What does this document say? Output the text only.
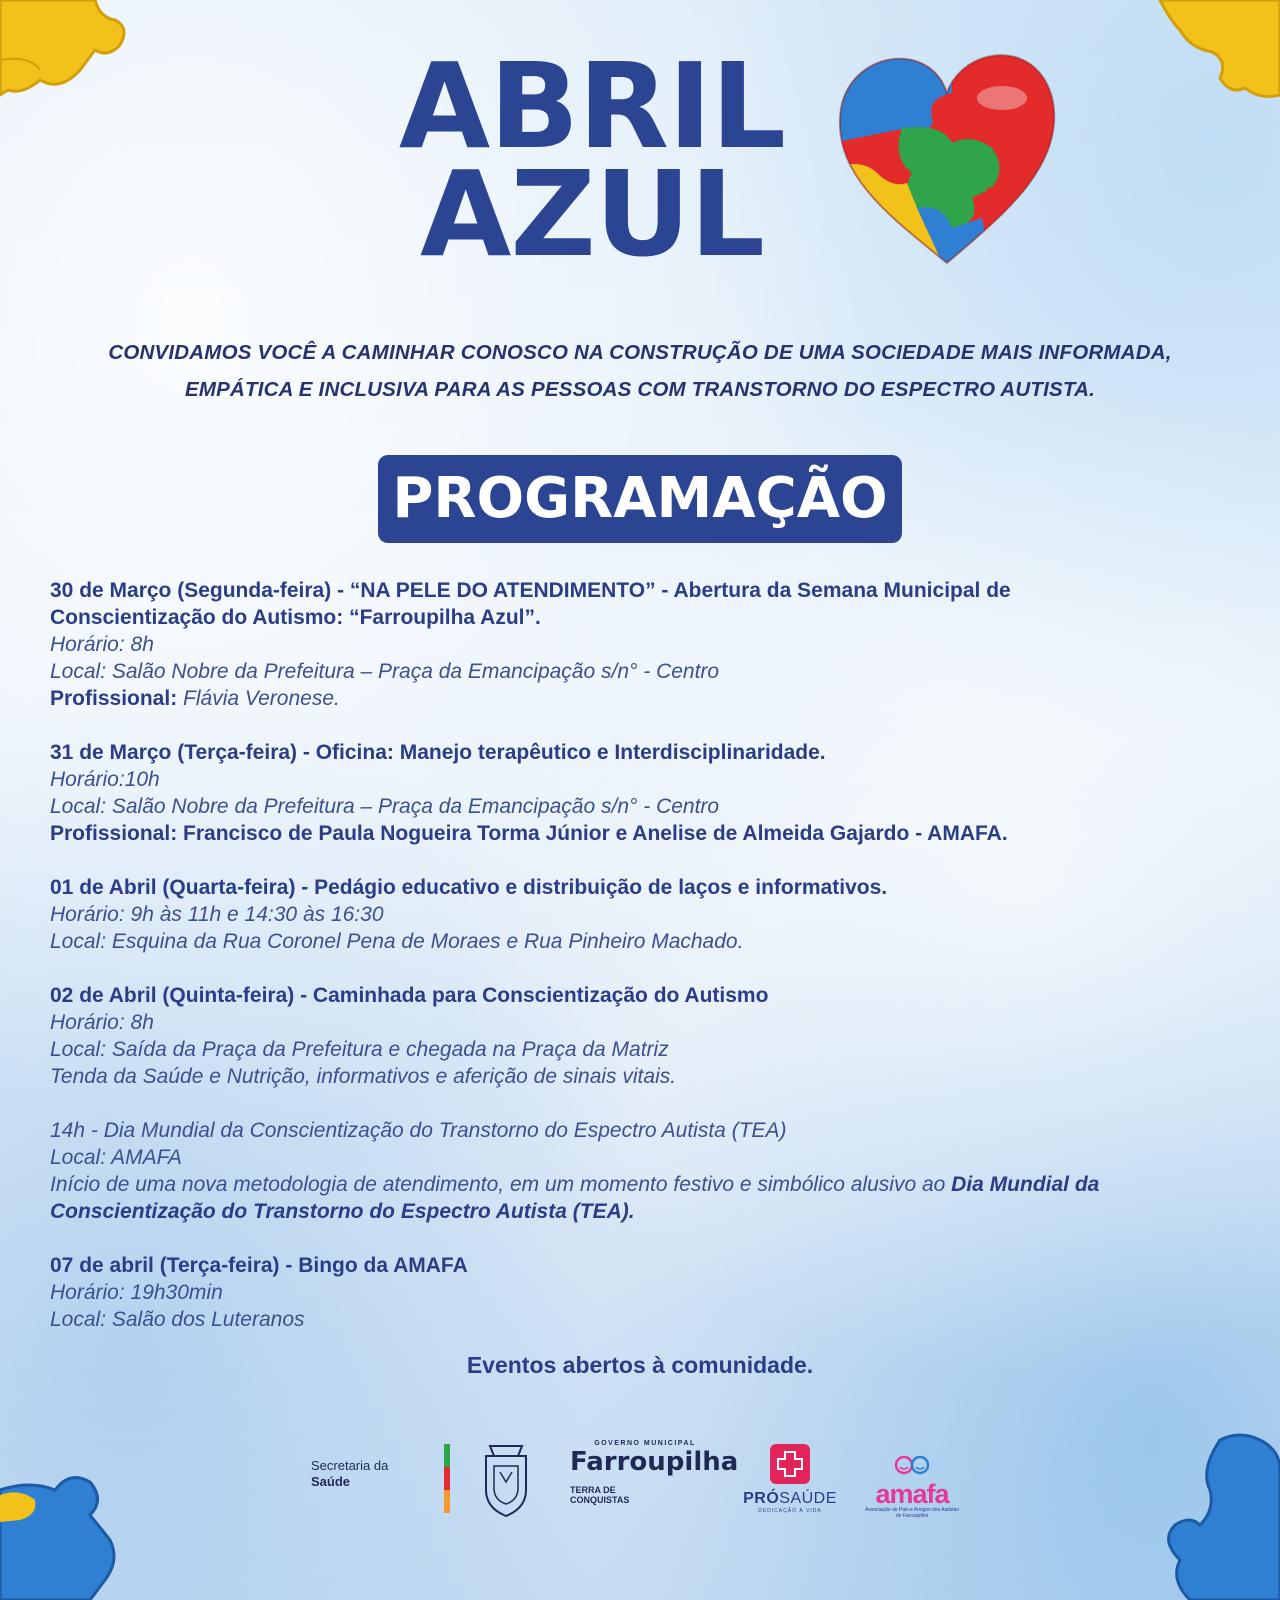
ABRIL
AZUL
CONVIDAMOS VOCÊ A CAMINHAR CONOSCO NA CONSTRUÇÃO DE UMA SOCIEDADE MAIS INFORMADA,
EMPÁTICA E INCLUSIVA PARA AS PESSOAS COM TRANSTORNO DO ESPECTRO AUTISTA.
PROGRAMAÇÃO
30 de Março (Segunda-feira) - “NA PELE DO ATENDIMENTO” - Abertura da Semana Municipal de
Conscientização do Autismo: “Farroupilha Azul”.
Horário: 8h
Local: Salão Nobre da Prefeitura – Praça da Emancipação s/n° - Centro
Profissional: Flávia Veronese.
31 de Março (Terça-feira) - Oficina: Manejo terapêutico e Interdisciplinaridade.
Horário:10h
Local: Salão Nobre da Prefeitura – Praça da Emancipação s/n° - Centro
Profissional: Francisco de Paula Nogueira Torma Júnior e Anelise de Almeida Gajardo - AMAFA.
01 de Abril (Quarta-feira) - Pedágio educativo e distribuição de laços e informativos.
Horário: 9h às 11h e 14:30 às 16:30
Local: Esquina da Rua Coronel Pena de Moraes e Rua Pinheiro Machado.
02 de Abril (Quinta-feira) - Caminhada para Conscientização do Autismo
Horário: 8h
Local: Saída da Praça da Prefeitura e chegada na Praça da Matriz
Tenda da Saúde e Nutrição, informativos e aferição de sinais vitais.
14h - Dia Mundial da Conscientização do Transtorno do Espectro Autista (TEA)
Local: AMAFA
Início de uma nova metodologia de atendimento, em um momento festivo e simbólico alusivo ao Dia Mundial da Conscientização do Transtorno do Espectro Autista (TEA).
07 de abril (Terça-feira) - Bingo da AMAFA
Horário: 19h30min
Local: Salão dos Luteranos
Eventos abertos à comunidade.
Secretaria da
Saúde
GOVERNO MUNICIPAL
Farroupilha
TERRA DE
CONQUISTAS	PRÓSAÚDE
DEDICAÇÃO À VIDA
amafa
Associação de Pais e Amigos dos Autistas de Farroupilha
